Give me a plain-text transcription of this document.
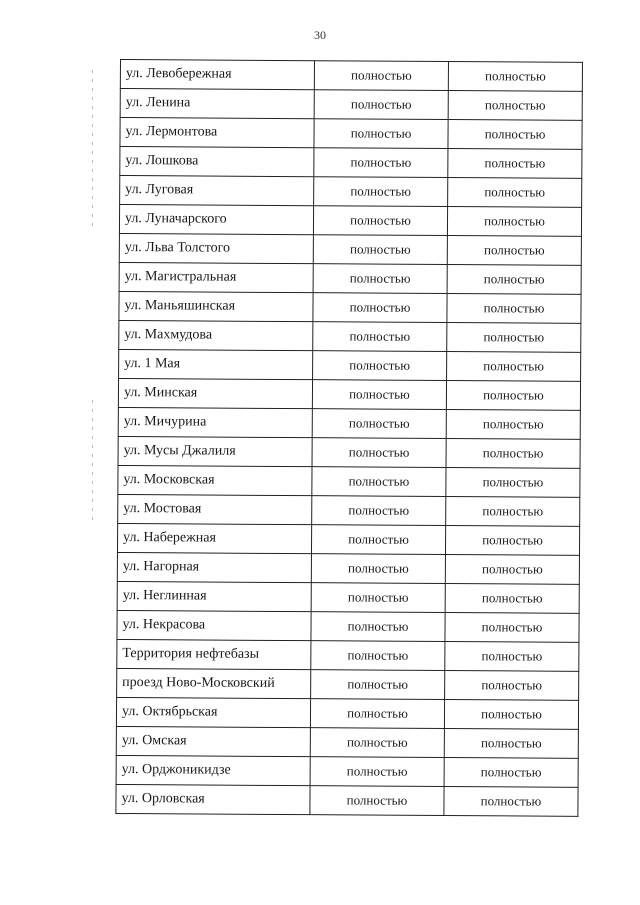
30
ул. Левобережная	полностью	полностью
ул. Ленина	полностью	полностью
ул. Лермонтова	полностью	полностью
ул. Лошкова	полностью	полностью
ул. Луговая	полностью	полностью
ул. Луначарского	полностью	полностью
ул. Льва Толстого	полностью	полностью
ул. Магистральная	полностью	полностью
ул. Маньяшинская	полностью	полностью
ул. Махмудова	полностью	полностью
ул. 1 Мая	полностью	полностью
ул. Минская	полностью	полностью
ул. Мичурина	полностью	полностью
ул. Мусы Джалиля	полностью	полностью
ул. Московская	полностью	полностью
ул. Мостовая	полностью	полностью
ул. Набережная	полностью	полностью
ул. Нагорная	полностью	полностью
ул. Неглинная	полностью	полностью
ул. Некрасова	полностью	полностью
Территория нефтебазы	полностью	полностью
проезд Ново-Московский	полностью	полностью
ул. Октябрьская	полностью	полностью
ул. Омская	полностью	полностью
ул. Орджоникидзе	полностью	полностью
ул. Орловская	полностью	полностью
